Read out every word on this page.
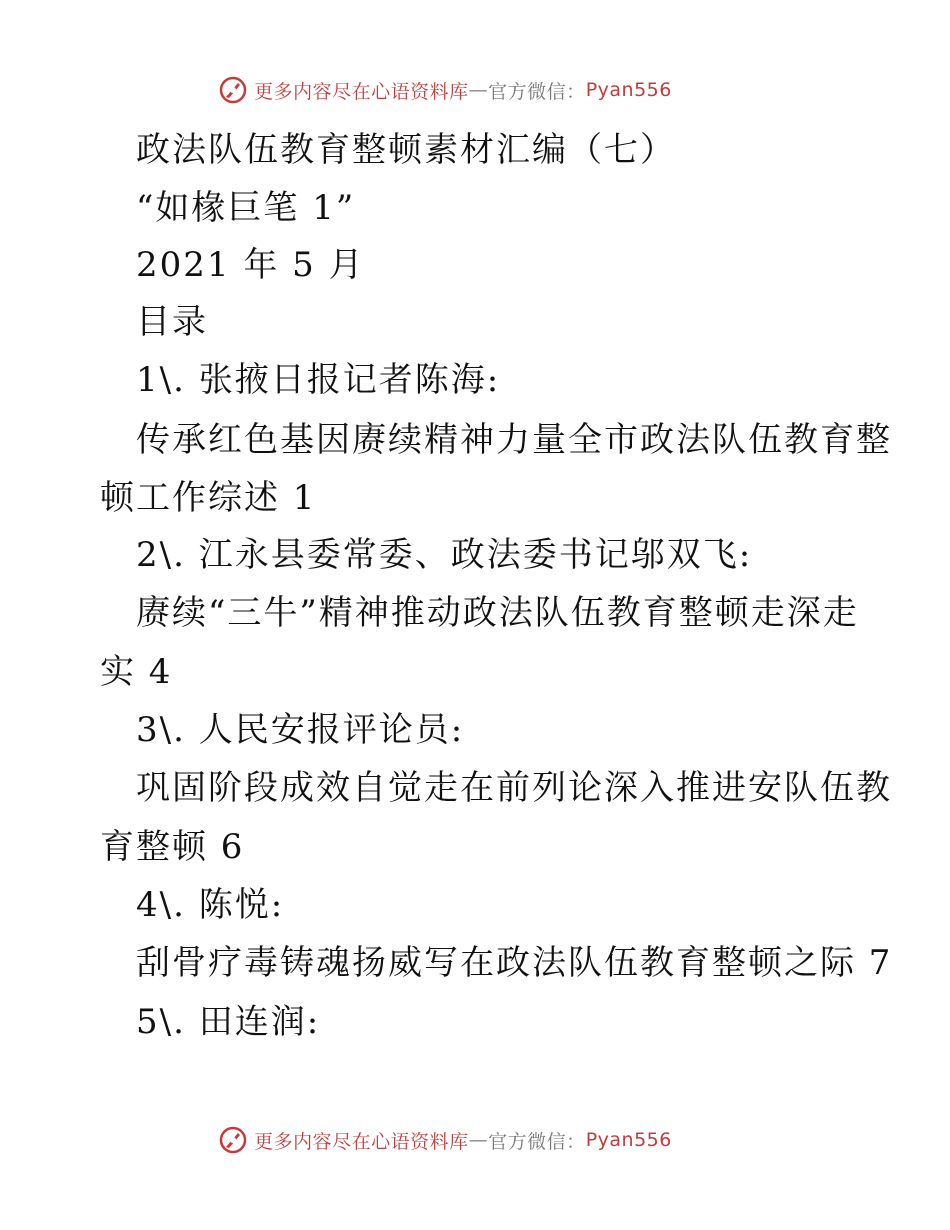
更多内容尽在心语资料库 — 官方微信： Pyan556
政法队伍教育整顿素材汇编（七）
“如椽巨笔 1”
2021 年 5 月
目录
1\. 张掖日报记者陈海:
传承红色基因赓续精神力量全市政法队伍教育整
顿工作综述 1
2\. 江永县委常委、政法委书记邬双飞:
赓续“三牛”精神推动政法队伍教育整顿走深走
实 4
3\. 人民安报评论员:
巩固阶段成效自觉走在前列论深入推进安队伍教
育整顿 6
4\. 陈悦:
刮骨疗毒铸魂扬威写在政法队伍教育整顿之际 7
5\. 田连润:
更多内容尽在心语资料库 — 官方微信： Pyan556
